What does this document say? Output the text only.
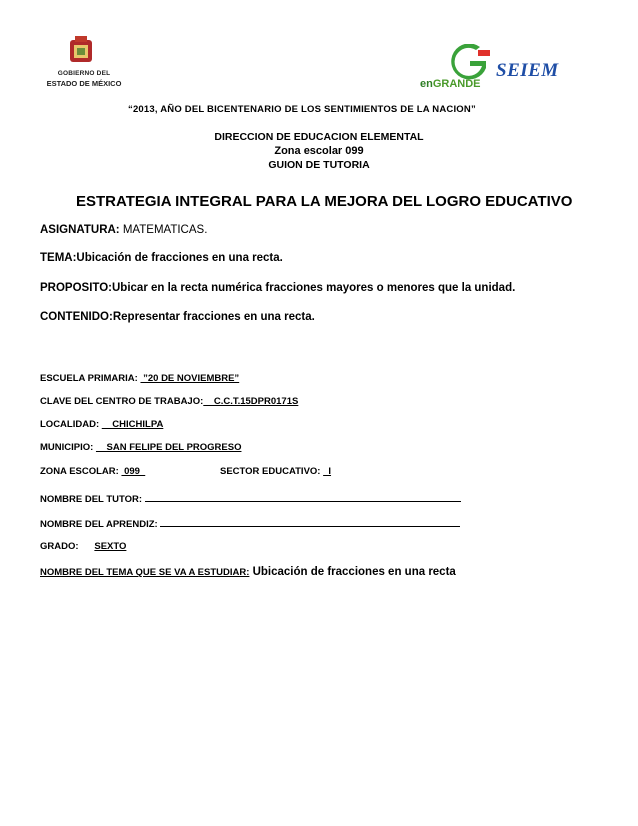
GOBIERNO DEL
ESTADO DE MÉXICO
SEIEM
enGRANDE
“2013, AÑO DEL BICENTENARIO DE LOS SENTIMIENTOS DE LA NACION”
DIRECCION DE EDUCACION ELEMENTAL
Zona escolar 099
GUION DE TUTORIA
ESTRATEGIA INTEGRAL PARA LA MEJORA DEL LOGRO EDUCATIVO
ASIGNATURA: MATEMATICAS.
TEMA:Ubicación de fracciones en una recta.
PROPOSITO:Ubicar en la recta numérica fracciones mayores o menores que la unidad.
CONTENIDO:Representar fracciones en una recta.
ESCUELA PRIMARIA:  ”20 DE NOVIEMBRE”
CLAVE DEL CENTRO DE TRABAJO:    C.C.T.15DPR0171S
LOCALIDAD:     CHICHILPA
MUNICIPIO:     SAN FELIPE DEL PROGRESO
ZONA ESCOLAR:  099	SECTOR EDUCATIVO:   I
NOMBRE DEL TUTOR:
NOMBRE DEL APRENDIZ:
GRADO: SEXTO
NOMBRE DEL TEMA QUE SE VA A ESTUDIAR: Ubicación de fracciones en una recta
